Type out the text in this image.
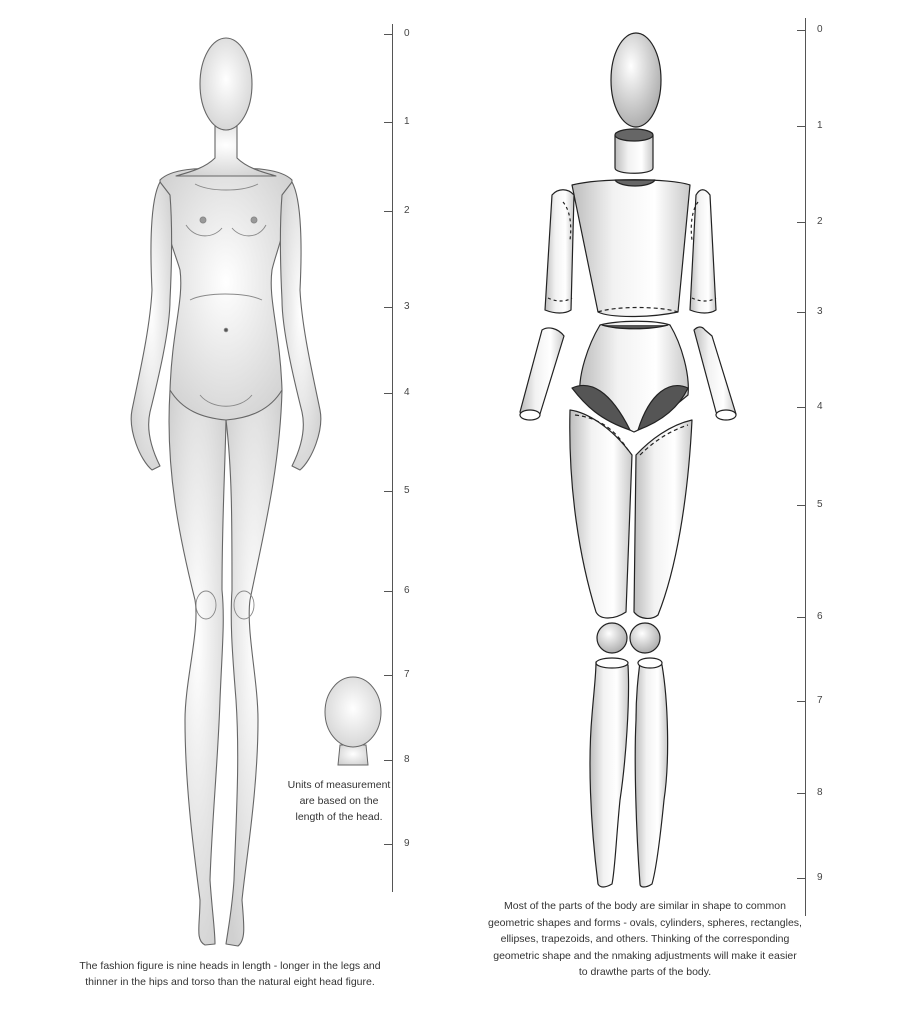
0
1
2
3
4
5
6
7
8
9
0
1
2
3
4
5
6
7
8
9
Units of measurement
are based on the
length of the head.
The fashion figure is nine heads in length - longer in the legs and
thinner in the hips and torso than the natural eight head figure.
Most of the parts of the body are similar in shape to common
geometric shapes and forms - ovals, cylinders, spheres, rectangles,
ellipses, trapezoids, and others. Thinking of the corresponding
geometric shape and the nmaking adjustments will make it easier
to drawthe parts of the body.
